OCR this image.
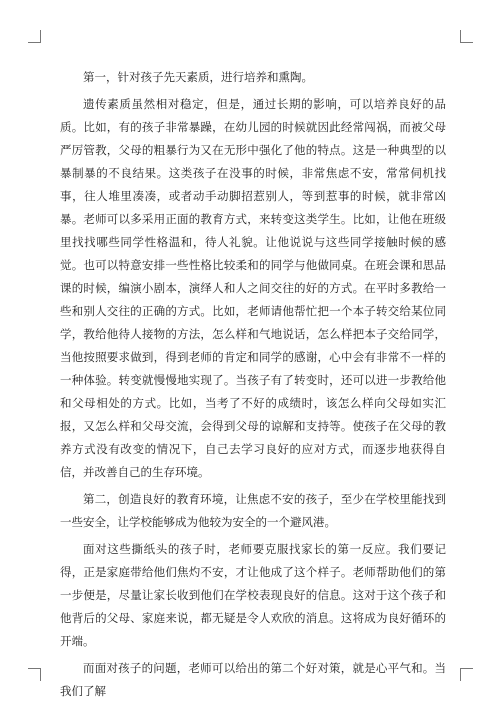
第一，针对孩子先天素质，进行培养和熏陶。

遗传素质虽然相对稳定，但是，通过长期的影响，可以培养良好的品质。比如，有的孩子非常暴躁，在幼儿园的时候就因此经常闯祸，而被父母严厉管教，父母的粗暴行为又在无形中强化了他的特点。这是一种典型的以暴制暴的不良结果。这类孩子在没事的时候，非常焦虑不安，常常伺机找事，往人堆里凑凑，或者动手动脚招惹别人，等到惹事的时候，就非常凶暴。老师可以多采用正面的教育方式，来转变这类学生。比如，让他在班级里找找哪些同学性格温和，待人礼貌。让他说说与这些同学接触时候的感觉。也可以特意安排一些性格比较柔和的同学与他做同桌。在班会课和思品课的时候，编演小剧本，演绎人和人之间交往的好的方式。在平时多教给一些和别人交往的正确的方式。比如，老师请他帮忙把一个本子转交给某位同学，教给他待人接物的方法，怎么样和气地说话，怎么样把本子交给同学，当他按照要求做到，得到老师的肯定和同学的感谢，心中会有非常不一样的一种体验。转变就慢慢地实现了。当孩子有了转变时，还可以进一步教给他和父母相处的方式。比如，当考了不好的成绩时，该怎么样向父母如实汇报，又怎么样和父母交流，会得到父母的谅解和支持等。使孩子在父母的教养方式没有改变的情况下，自己去学习良好的应对方式，而逐步地获得自信，并改善自己的生存环境。

第二，创造良好的教育环境，让焦虑不安的孩子，至少在学校里能找到一些安全，让学校能够成为他较为安全的一个避风港。

面对这些撕纸头的孩子时，老师要克服找家长的第一反应。我们要记得，正是家庭带给他们焦灼不安，才让他成了这个样子。老师帮助他们的第一步便是，尽量让家长收到他们在学校表现良好的信息。这对于这个孩子和他背后的父母、家庭来说，都无疑是令人欢欣的消息。这将成为良好循环的开端。

而面对孩子的问题，老师可以给出的第二个好对策，就是心平气和。当我们了解
